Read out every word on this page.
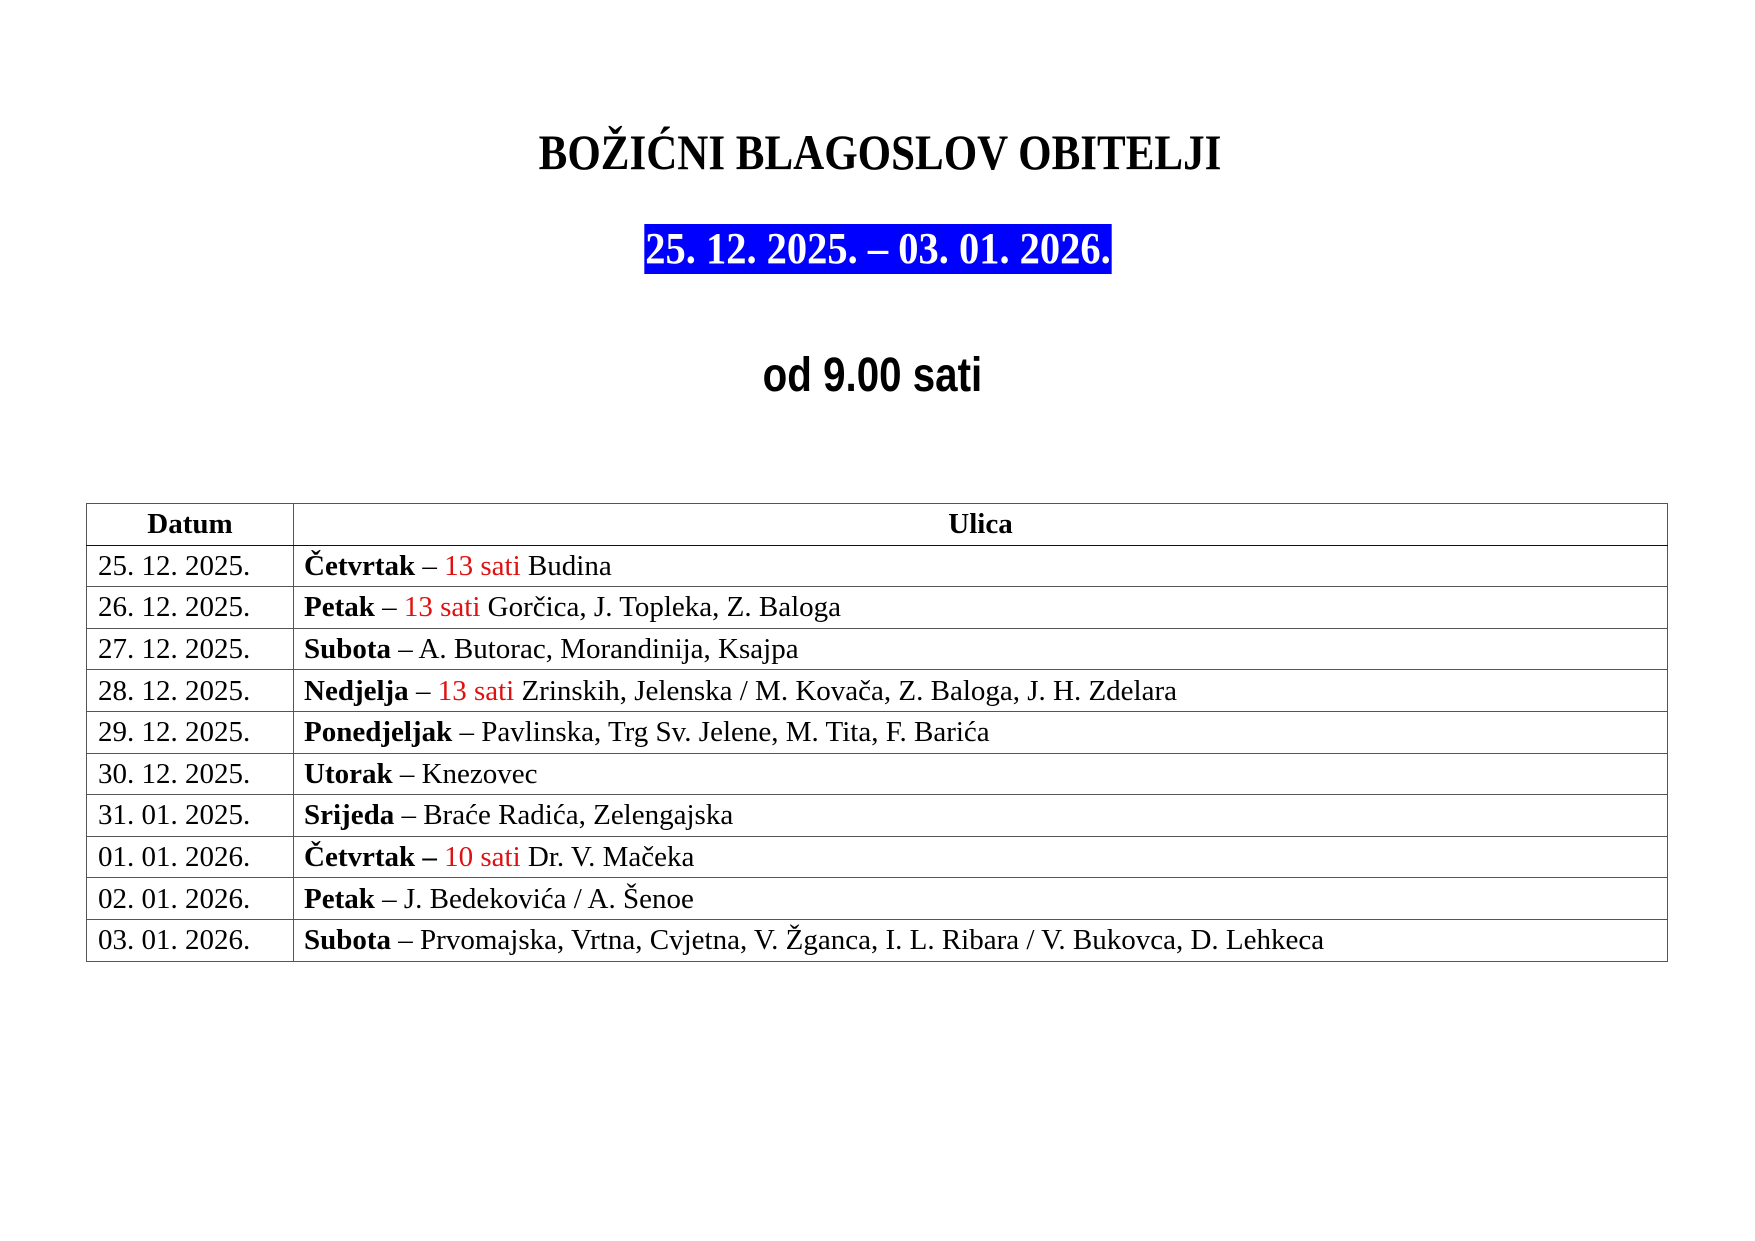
BOŽIĆNI BLAGOSLOV OBITELJI
25. 12. 2025. – 03. 01. 2026.
od 9.00 sati
Datum	Ulica
25. 12. 2025.	Četvrtak – 13 sati Budina
26. 12. 2025.	Petak – 13 sati Gorčica, J. Topleka, Z. Baloga
27. 12. 2025.	Subota – A. Butorac, Morandinija, Ksajpa
28. 12. 2025.	Nedjelja – 13 sati Zrinskih, Jelenska / M. Kovača, Z. Baloga, J. H. Zdelara
29. 12. 2025.	Ponedjeljak – Pavlinska, Trg Sv. Jelene, M. Tita, F. Barića
30. 12. 2025.	Utorak – Knezovec
31. 01. 2025.	Srijeda – Braće Radića, Zelengajska
01. 01. 2026.	Četvrtak – 10 sati Dr. V. Mačeka
02. 01. 2026.	Petak – J. Bedekovića / A. Šenoe
03. 01. 2026.	Subota – Prvomajska, Vrtna, Cvjetna, V. Žganca, I. L. Ribara / V. Bukovca, D. Lehkeca
